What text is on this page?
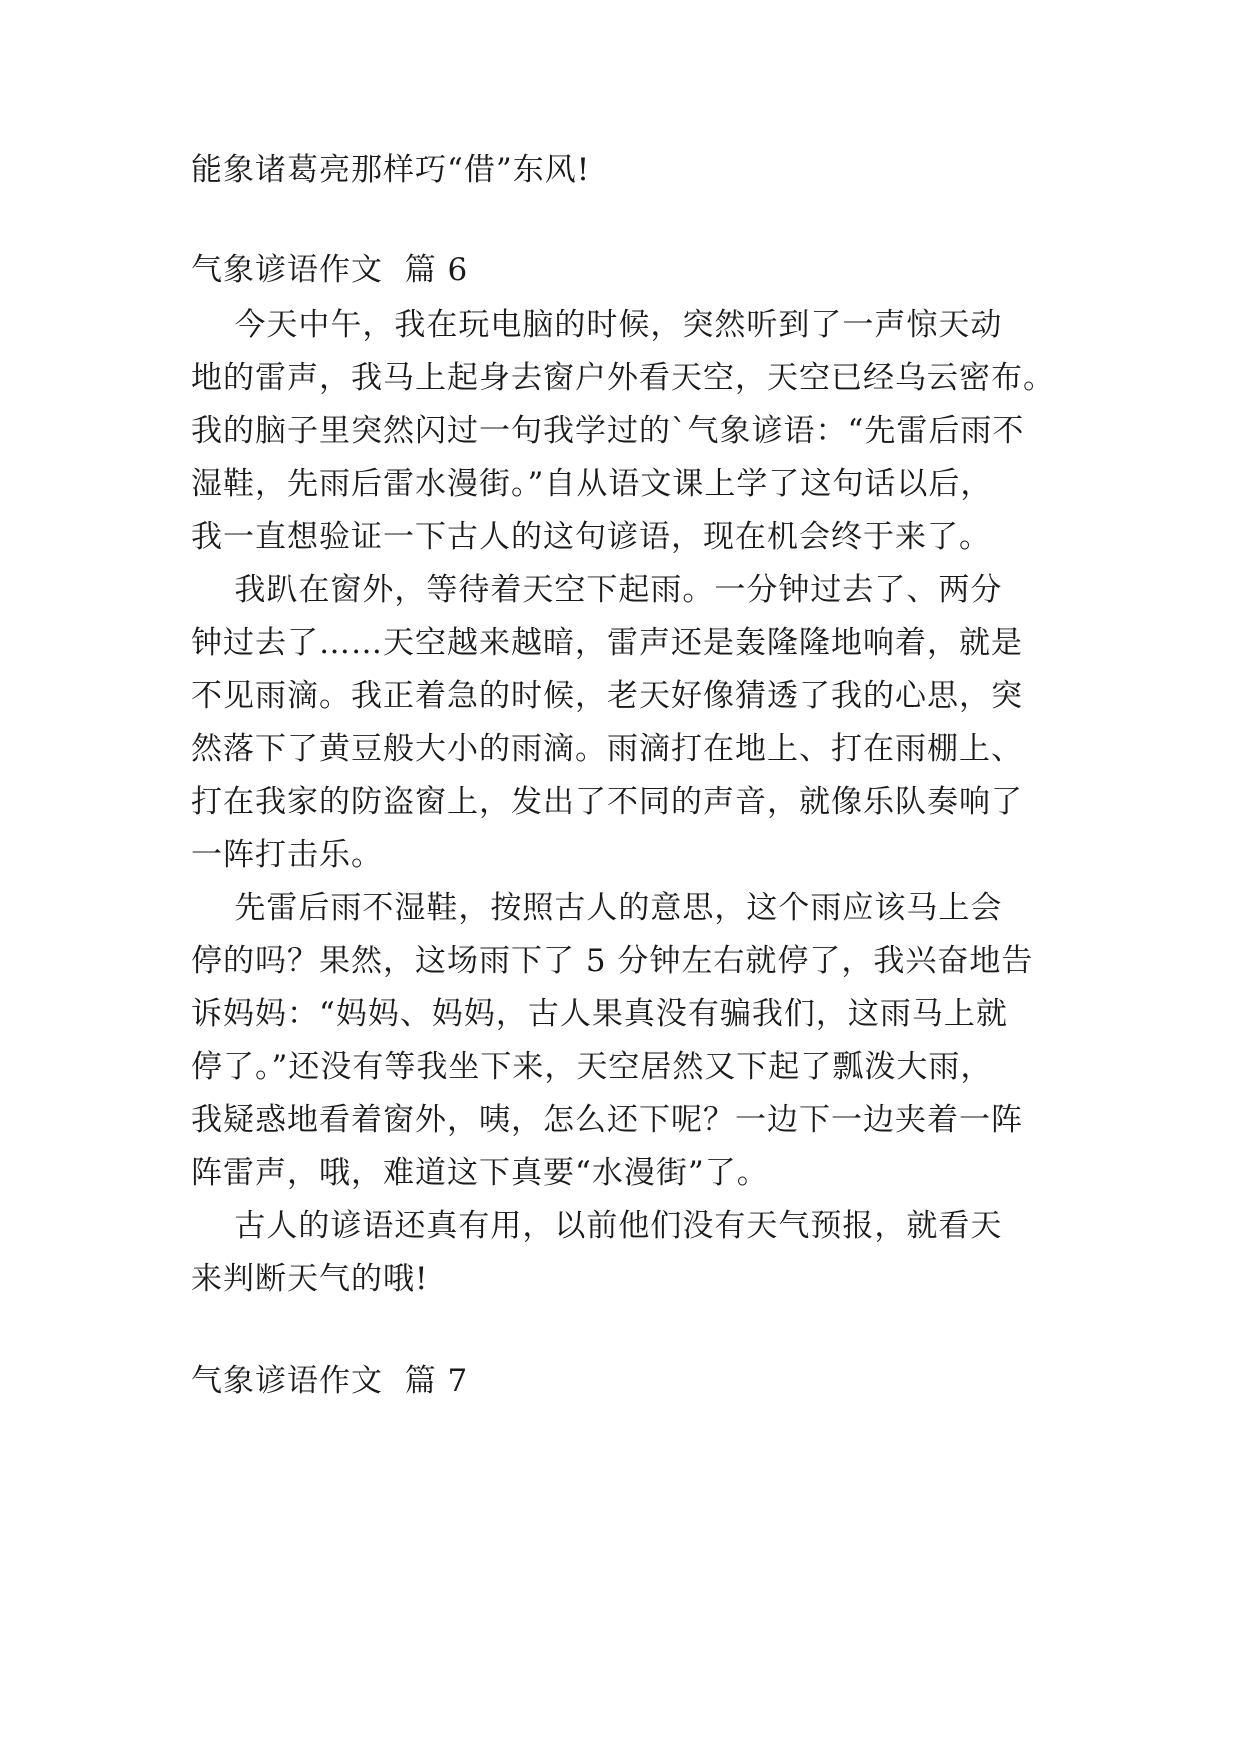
能象诸葛亮那样巧“借”东风!
气象谚语作文  篇 6
今天中午，我在玩电脑的时候，突然听到了一声惊天动
地的雷声，我马上起身去窗户外看天空，天空已经乌云密布。
我的脑子里突然闪过一句我学过的`气象谚语：“先雷后雨不
湿鞋，先雨后雷水漫街。”自从语文课上学了这句话以后，
我一直想验证一下古人的这句谚语，现在机会终于来了。
我趴在窗外，等待着天空下起雨。一分钟过去了、两分
钟过去了……天空越来越暗，雷声还是轰隆隆地响着，就是
不见雨滴。我正着急的时候，老天好像猜透了我的心思，突
然落下了黄豆般大小的雨滴。雨滴打在地上、打在雨棚上、
打在我家的防盗窗上，发出了不同的声音，就像乐队奏响了
一阵打击乐。
先雷后雨不湿鞋，按照古人的意思，这个雨应该马上会
停的吗？果然，这场雨下了 5 分钟左右就停了，我兴奋地告
诉妈妈：“妈妈、妈妈，古人果真没有骗我们，这雨马上就
停了。”还没有等我坐下来，天空居然又下起了瓢泼大雨，
我疑惑地看着窗外，咦，怎么还下呢？一边下一边夹着一阵
阵雷声，哦，难道这下真要“水漫街”了。
古人的谚语还真有用，以前他们没有天气预报，就看天
来判断天气的哦!
气象谚语作文  篇 7
